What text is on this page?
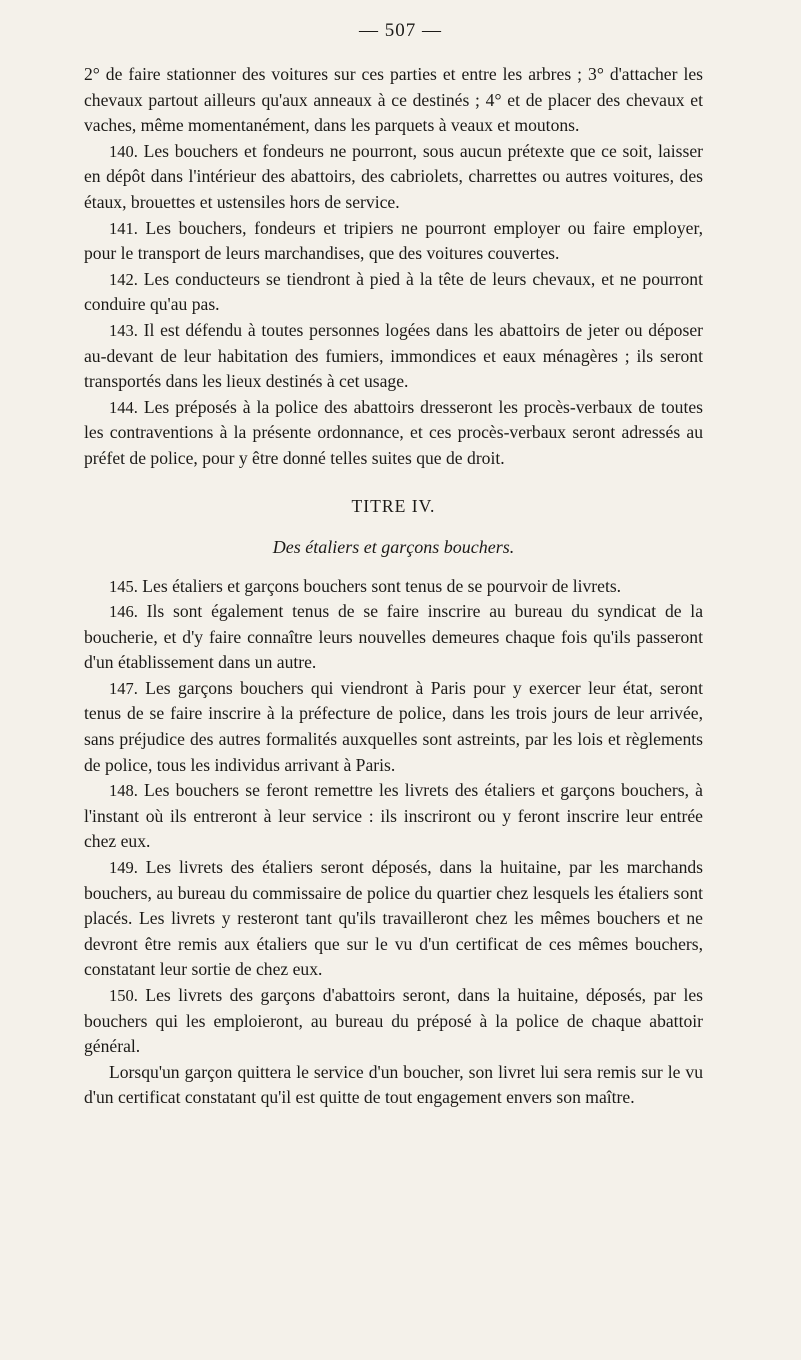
— 507 —

2° de faire stationner des voitures sur ces parties et entre les arbres ; 3° d'attacher les chevaux partout ailleurs qu'aux anneaux à ce destinés ; 4° et de placer des chevaux et vaches, même momentanément, dans les parquets à veaux et moutons.

140. Les bouchers et fondeurs ne pourront, sous aucun prétexte que ce soit, laisser en dépôt dans l'intérieur des abattoirs, des cabriolets, charrettes ou autres voitures, des étaux, brouettes et ustensiles hors de service.

141. Les bouchers, fondeurs et tripiers ne pourront employer ou faire employer, pour le transport de leurs marchandises, que des voitures couvertes.

142. Les conducteurs se tiendront à pied à la tête de leurs chevaux, et ne pourront conduire qu'au pas.

143. Il est défendu à toutes personnes logées dans les abattoirs de jeter ou déposer au-devant de leur habitation des fumiers, immondices et eaux ménagères ; ils seront transportés dans les lieux destinés à cet usage.

144. Les préposés à la police des abattoirs dresseront les procès-verbaux de toutes les contraventions à la présente ordonnance, et ces procès-verbaux seront adressés au préfet de police, pour y être donné telles suites que de droit.

TITRE IV.
Des étaliers et garçons bouchers.

145. Les étaliers et garçons bouchers sont tenus de se pourvoir de livrets.

146. Ils sont également tenus de se faire inscrire au bureau du syndicat de la boucherie, et d'y faire connaître leurs nouvelles demeures chaque fois qu'ils passeront d'un établissement dans un autre.

147. Les garçons bouchers qui viendront à Paris pour y exercer leur état, seront tenus de se faire inscrire à la préfecture de police, dans les trois jours de leur arrivée, sans préjudice des autres formalités auxquelles sont astreints, par les lois et règlements de police, tous les individus arrivant à Paris.

148. Les bouchers se feront remettre les livrets des étaliers et garçons bouchers, à l'instant où ils entreront à leur service : ils inscriront ou y feront inscrire leur entrée chez eux.

149. Les livrets des étaliers seront déposés, dans la huitaine, par les marchands bouchers, au bureau du commissaire de police du quartier chez lesquels les étaliers sont placés. Les livrets y resteront tant qu'ils travailleront chez les mêmes bouchers et ne devront être remis aux étaliers que sur le vu d'un certificat de ces mêmes bouchers, constatant leur sortie de chez eux.

150. Les livrets des garçons d'abattoirs seront, dans la huitaine, déposés, par les bouchers qui les emploieront, au bureau du préposé à la police de chaque abattoir général.

Lorsqu'un garçon quittera le service d'un boucher, son livret lui sera remis sur le vu d'un certificat constatant qu'il est quitte de tout engagement envers son maître.
